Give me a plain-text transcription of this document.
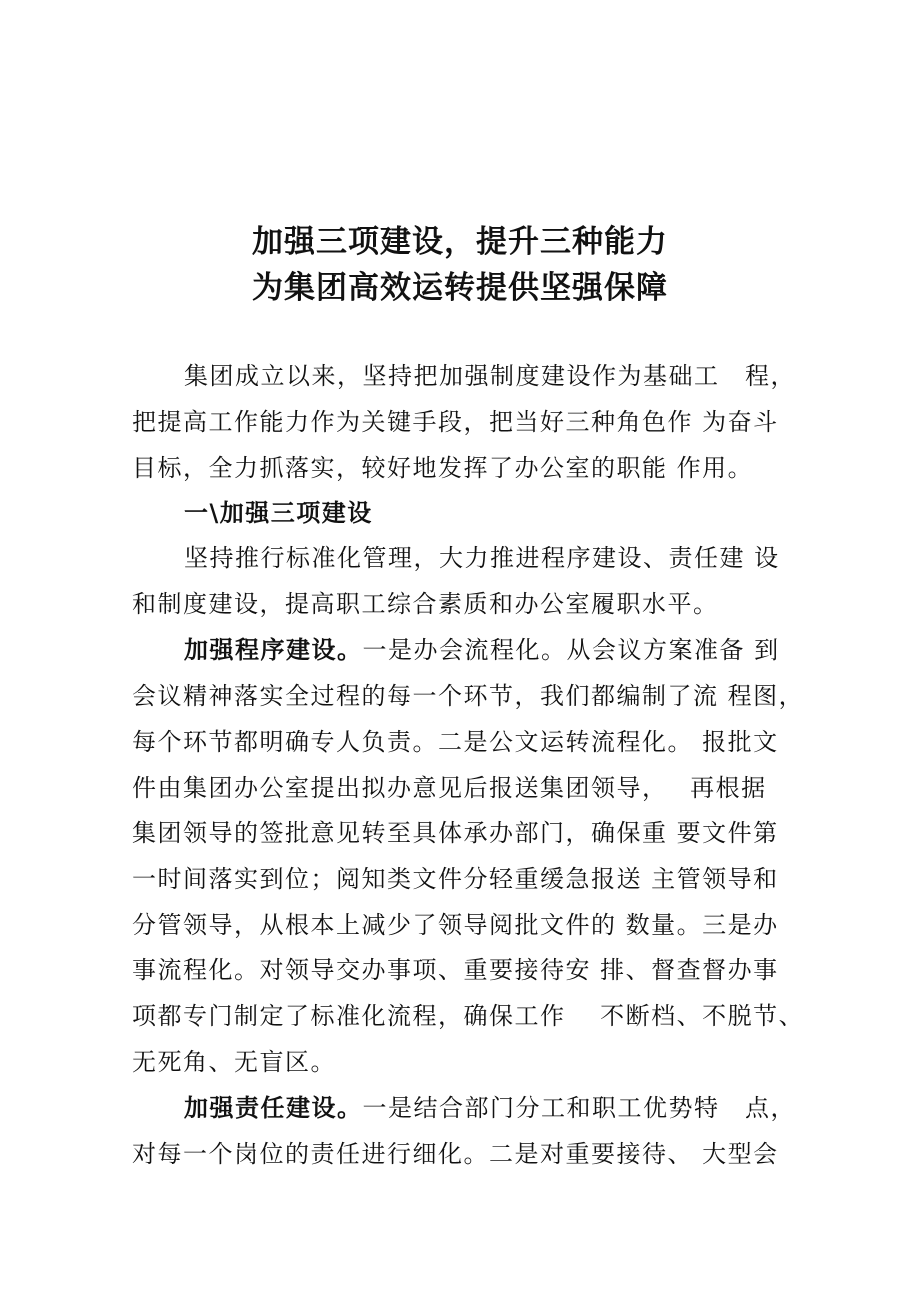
加强三项建设，提升三种能力
为集团高效运转提供坚强保障
集团成立以来，坚持把加强制度建设作为基础工　程，
把提高工作能力作为关键手段，把当好三种角色作 为奋斗
目标，全力抓落实，较好地发挥了办公室的职能 作用。
一\加强三项建设
坚持推行标准化管理，大力推进程序建设、责任建 设
和制度建设，提高职工综合素质和办公室履职水平。
加强程序建设。一是办会流程化。从会议方案准备 到
会议精神落实全过程的每一个环节，我们都编制了流 程图，
每个环节都明确专人负责。二是公文运转流程化。 报批文
件由集团办公室提出拟办意见后报送集团领导，　 再根据
集团领导的签批意见转至具体承办部门，确保重 要文件第
一时间落实到位；阅知类文件分轻重缓急报送 主管领导和
分管领导，从根本上减少了领导阅批文件的 数量。三是办
事流程化。对领导交办事项、重要接待安 排、督查督办事
项都专门制定了标准化流程，确保工作　 不断档、不脱节、
无死角、无盲区。
加强责任建设。一是结合部门分工和职工优势特　点，
对每一个岗位的责任进行细化。二是对重要接待、 大型会
